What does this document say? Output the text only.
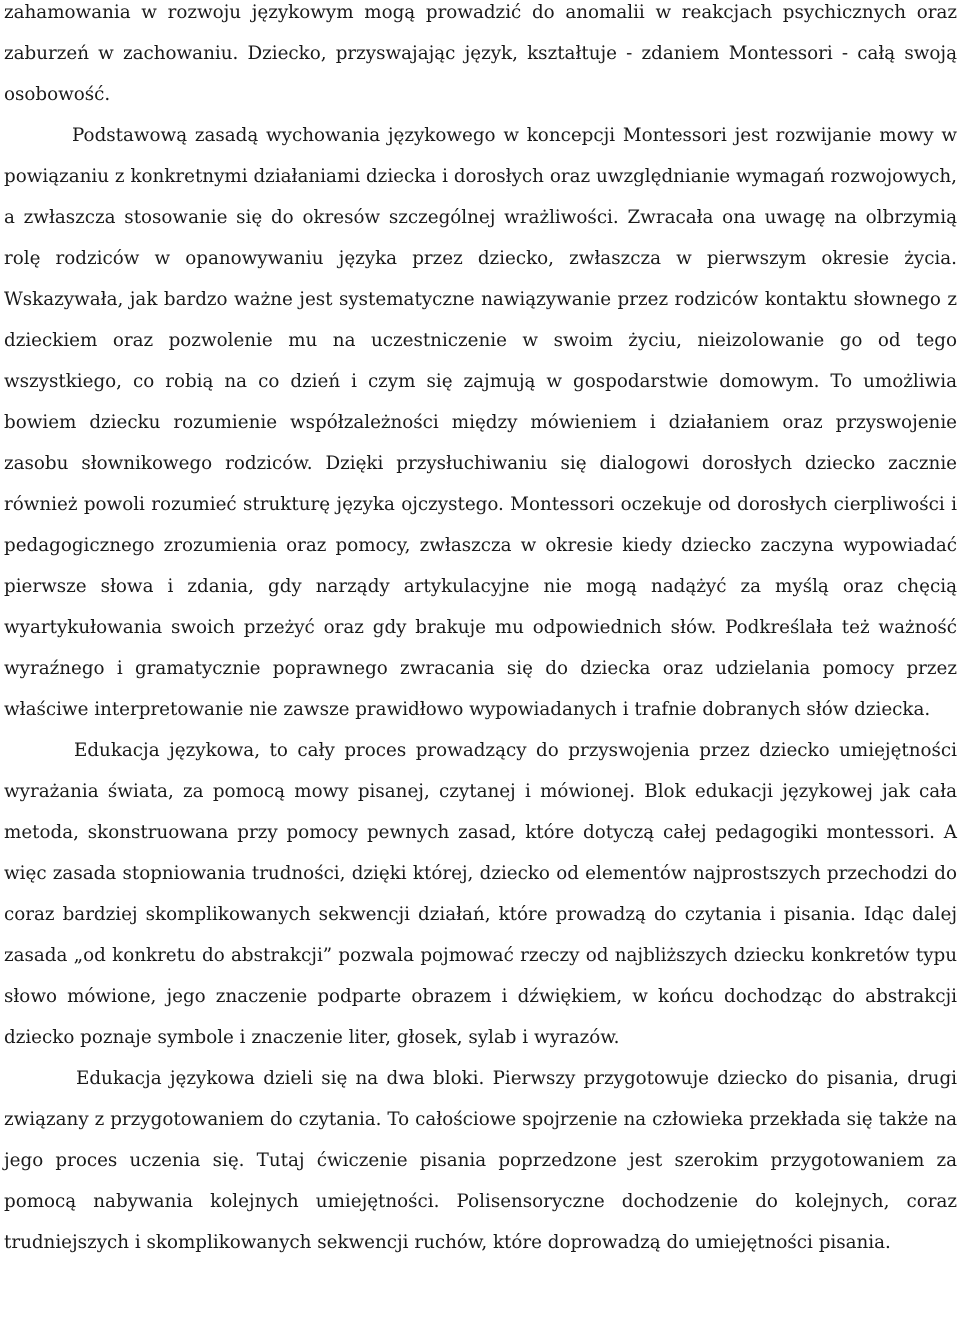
zahamowania w rozwoju językowym mogą prowadzić do anomalii w reakcjach psychicznych oraz zaburzeń w zachowaniu. Dziecko, przyswajając język, kształtuje - zdaniem Montessori - całą swoją osobowość.

Podstawową zasadą wychowania językowego w koncepcji Montessori jest rozwijanie mowy w powiązaniu z konkretnymi działaniami dziecka i dorosłych oraz uwzględnianie wymagań rozwojowych, a zwłaszcza stosowanie się do okresów szczególnej wrażliwości. Zwracała ona uwagę na olbrzymią rolę rodziców w opanowywaniu języka przez dziecko, zwłaszcza w pierwszym okresie życia. Wskazywała, jak bardzo ważne jest systematyczne nawiązywanie przez rodziców kontaktu słownego z dzieckiem oraz pozwolenie mu na uczestniczenie w swoim życiu, nieizolowanie go od tego wszystkiego, co robią na co dzień i czym się zajmują w gospodarstwie domowym. To umożliwia bowiem dziecku rozumienie współzależności między mówieniem i działaniem oraz przyswojenie zasobu słownikowego rodziców. Dzięki przysłuchiwaniu się dialogowi dorosłych dziecko zacznie również powoli rozumieć strukturę języka ojczystego. Montessori oczekuje od dorosłych cierpliwości i pedagogicznego zrozumienia oraz pomocy, zwłaszcza w okresie kiedy dziecko zaczyna wypowiadać pierwsze słowa i zdania, gdy narządy artykulacyjne nie mogą nadążyć za myślą oraz chęcią wyartykułowania swoich przeżyć oraz gdy brakuje mu odpowiednich słów. Podkreślała też ważność wyraźnego i gramatycznie poprawnego zwracania się do dziecka oraz udzielania pomocy przez właściwe interpretowanie nie zawsze prawidłowo wypowiadanych i trafnie dobranych słów dziecka.

Edukacja językowa, to cały proces prowadzący do przyswojenia przez dziecko umiejętności wyrażania świata, za pomocą mowy pisanej, czytanej i mówionej. Blok edukacji językowej jak cała metoda, skonstruowana przy pomocy pewnych zasad, które dotyczą całej pedagogiki montessori. A więc zasada stopniowania trudności, dzięki której, dziecko od elementów najprostszych przechodzi do coraz bardziej skomplikowanych sekwencji działań, które prowadzą do czytania i pisania. Idąc dalej zasada „od konkretu do abstrakcji” pozwala pojmować rzeczy od najbliższych dziecku konkretów typu słowo mówione, jego znaczenie podparte obrazem i dźwiękiem, w końcu dochodząc do abstrakcji dziecko poznaje symbole i znaczenie liter, głosek, sylab i wyrazów.

Edukacja językowa dzieli się na dwa bloki. Pierwszy przygotowuje dziecko do pisania, drugi związany z przygotowaniem do czytania. To całościowe spojrzenie na człowieka przekłada się także na jego proces uczenia się. Tutaj ćwiczenie pisania poprzedzone jest szerokim przygotowaniem za pomocą nabywania kolejnych umiejętności. Polisensoryczne dochodzenie do kolejnych, coraz trudniejszych i skomplikowanych sekwencji ruchów, które doprowadzą do umiejętności pisania.
